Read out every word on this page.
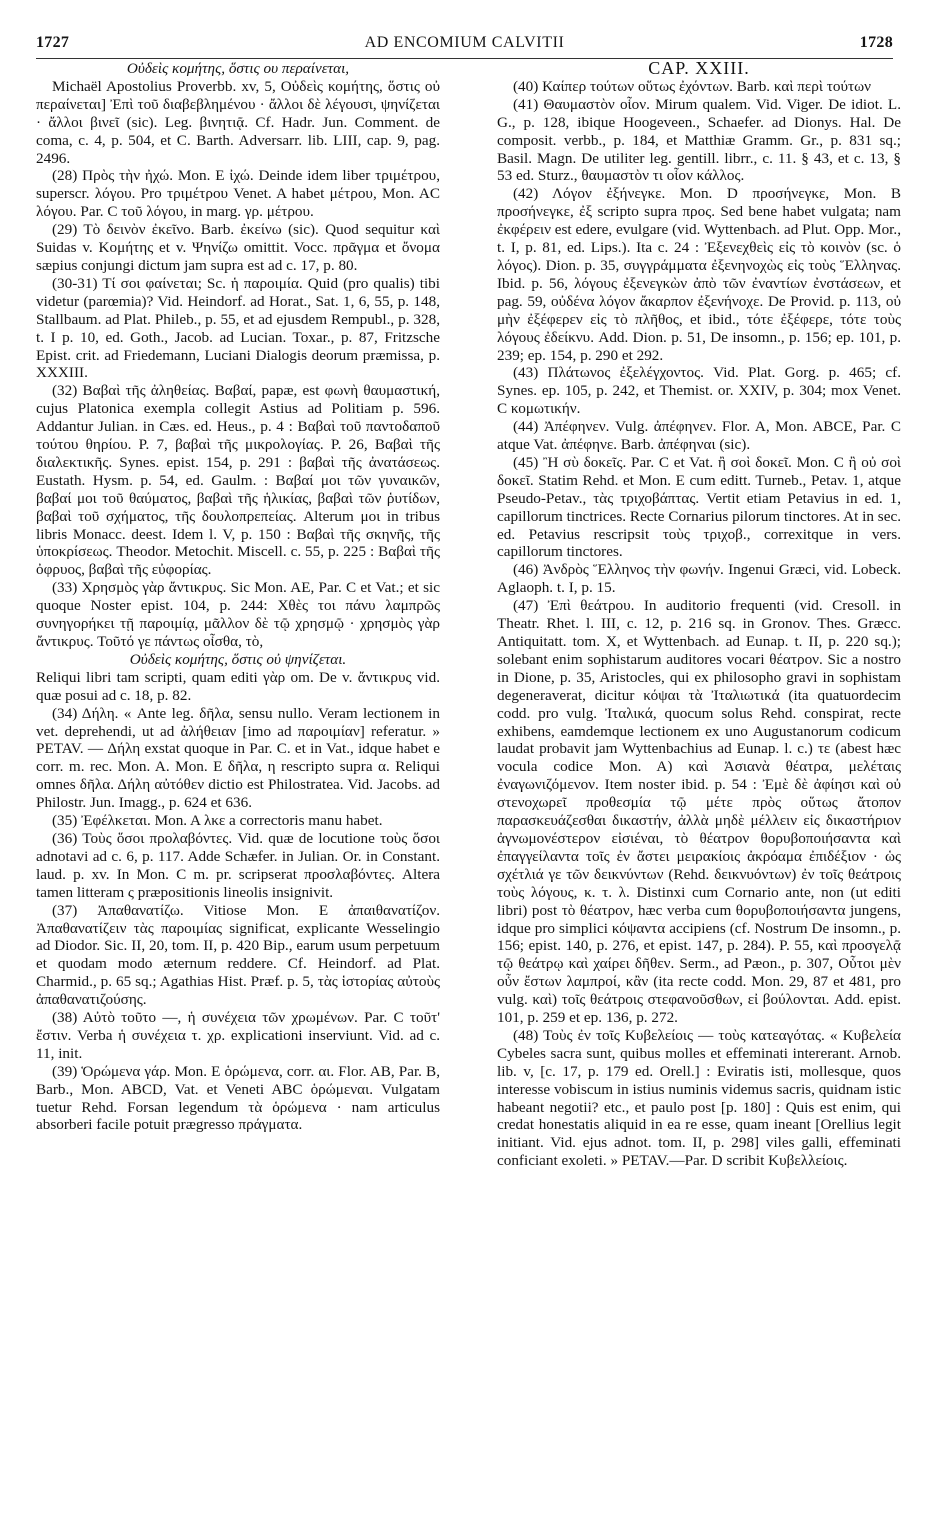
1727	AD ENCOMIUM CALVITII	1728

Οὐδεὶς κομήτης, ὅστις ου περαίνεται,

Michaël Apostolius Proverbb. xv, 5, Οὐδεὶς κομήτης, ὅστις οὐ περαίνεται] Ἐπὶ τοῦ διαβεβλημένου · ἄλλοι δὲ λέγουσι, ψηνίζεται · ἄλλοι βινεῖ (sic). Leg. βινητιᾷ. Cf. Hadr. Jun. Comment. de coma, c. 4, p. 504, et C. Barth. Adversarr. lib. LIII, cap. 9, pag. 2496.

(28) Πρὸς τὴν ἠχώ. Mon. E ἰχώ. Deinde idem liber τριμέτρου, superscr. λόγου. Pro τριμέτρου Venet. A habet μέτρου, Mon. AC λόγου. Par. C τοῦ λόγου, in marg. γρ. μέτρου.

(29) Τὸ δεινὸν ἐκεῖνο. Barb. ἐκείνω (sic). Quod sequitur καὶ Suidas v. Κομήτης et v. Ψηνίζω omittit. Vocc. πρᾶγμα et ὄνομα sæpius conjungi dictum jam supra est ad c. 17, p. 80.

(30-31) Τί σοι φαίνεται; Sc. ἡ παροιμία. Quid (pro qualis) tibi videtur (parœmia)? Vid. Heindorf. ad Horat., Sat. 1, 6, 55, p. 148, Stallbaum. ad Plat. Phileb., p. 55, et ad ejusdem Rempubl., p. 328, t. I p. 10, ed. Goth., Jacob. ad Lucian. Toxar., p. 87, Fritzsche Epist. crit. ad Friedemann, Luciani Dialogis deorum præmissa, p. XXXIII.

(32) Βαβαὶ τῆς ἀληθείας. Βαβαί, papæ, est φωνὴ θαυμαστική, cujus Platonica exempla collegit Astius ad Politiam p. 596. Addantur Julian. in Cæs. ed. Heus., p. 4 : Βαβαὶ τοῦ παντοδαποῦ τούτου θηρίου. P. 7, βαβαὶ τῆς μικρολογίας. P. 26, Βαβαὶ τῆς διαλεκτικῆς. Synes. epist. 154, p. 291 : βαβαὶ τῆς ἀνατάσεως. Eustath. Hysm. p. 54, ed. Gaulm. : Βαβαί μοι τῶν γυναικῶν, βαβαί μοι τοῦ θαύματος, βαβαὶ τῆς ἡλικίας, βαβαὶ τῶν ῥυτίδων, βαβαὶ τοῦ σχήματος, τῆς δουλοπρεπείας. Alterum μοι in tribus libris Monacc. deest. Idem l. V, p. 150 : Βαβαὶ τῆς σκηνῆς, τῆς ὑποκρίσεως. Theodor. Metochit. Miscell. c. 55, p. 225 : Βαβαὶ τῆς ὀφρυος, βαβαὶ τῆς εὐφορίας.

(33) Χρησμὸς γὰρ ἄντικρυς. Sic Mon. AE, Par. C et Vat.; et sic quoque Noster epist. 104, p. 244: Χθὲς τοι πάνυ λαμπρῶς συνηγορήκει τῇ παροιμίᾳ, μᾶλλον δὲ τῷ χρησμῷ · χρησμὸς γὰρ ἄντικρυς. Τοῦτό γε πάντως οἶσθα, τὸ,

Οὐδεὶς κομήτης, ὅστις οὐ ψηνίζεται.

Reliqui libri tam scripti, quam editi γὰρ om. De v. ἄντικρυς vid. quæ posui ad c. 18, p. 82.

(34) Δήλη. « Ante leg. δῆλα, sensu nullo. Veram lectionem in vet. deprehendi, ut ad ἀλήθειαν [imo ad παροιμίαν] referatur. » PETAV. — Δήλη exstat quoque in Par. C. et in Vat., idque habet e corr. m. rec. Mon. A. Mon. E δῆλα, η rescripto supra α. Reliqui omnes δῆλα. Δήλη αὐτόθεν dictio est Philostratea. Vid. Jacobs. ad Philostr. Jun. Imagg., p. 624 et 636.

(35) Ἐφέλκεται. Mon. A λκε a correctoris manu habet.

(36) Τοὺς ὅσοι προλαβόντες. Vid. quæ de locutione τοὺς ὅσοι adnotavi ad c. 6, p. 117. Adde Schæfer. in Julian. Or. in Constant. laud. p. xv. In Mon. C m. pr. scripserat προσλαβόντες. Altera tamen litteram ς præpositionis lineolis insignivit.

(37) Ἀπαθανατίζω. Vitiose Mon. E ἀπαιθανατίζον. Ἀπαθανατίζειν τὰς παροιμίας significat, explicante Wesselingio ad Diodor. Sic. II, 20, tom. II, p. 420 Bip., earum usum perpetuum et quodam modo æternum reddere. Cf. Heindorf. ad Plat. Charmid., p. 65 sq.; Agathias Hist. Præf. p. 5, τὰς ἱστορίας αὐτοὺς ἀπαθανατιζούσης.

(38) Αὐτὸ τοῦτο —, ἡ συνέχεια τῶν χρωμένων. Par. C τοῦτ' ἔστιν. Verba ἡ συνέχεια τ. χρ. explicationi inserviunt. Vid. ad c. 11, init.

(39) Ὁρώμενα γάρ. Mon. E ὁρώμενα, corr. αι. Flor. AB, Par. B, Barb., Mon. ABCD, Vat. et Veneti ABC ὁρώμεναι. Vulgatam tuetur Rehd. Forsan legendum τὰ ὁρώμενα · nam articulus absorberi facile potuit prægresso πράγματα.

CAP. XXIII.

(40) Καίπερ τούτων οὕτως ἐχόντων. Barb. καὶ περὶ τούτων

(41) Θαυμαστὸν οἷον. Mirum qualem. Vid. Viger. De idiot. L. G., p. 128, ibique Hoogeveen., Schaefer. ad Dionys. Hal. De composit. verbb., p. 184, et Matthiæ Gramm. Gr., p. 831 sq.; Basil. Magn. De utiliter leg. gentill. librr., c. 11. § 43, et c. 13, § 53 ed. Sturz., θαυμαστὸν τι οἷον κάλλος.

(42) Λόγον ἐξήνεγκε. Mon. D προσήνεγκε, Mon. B προσήνεγκε, ἐξ scripto supra προς. Sed bene habet vulgata; nam ἐκφέρειν est edere, evulgare (vid. Wyttenbach. ad Plut. Opp. Mor., t. I, p. 81, ed. Lips.). Ita c. 24 : Ἐξενεχθεὶς εἰς τὸ κοινὸν (sc. ὁ λόγος). Dion. p. 35, συγγράμματα ἐξενηνοχὼς εἰς τοὺς Ἕλληνας. Ibid. p. 56, λόγους ἐξενεγκὼν ἀπὸ τῶν ἐναντίων ἐνστάσεων, et pag. 59, οὐδένα λόγον ἄκαρπον ἐξενήνοχε. De Provid. p. 113, οὐ μὴν ἐξέφερεν εἰς τὸ πλῆθος, et ibid., τότε ἐξέφερε, τότε τοὺς λόγους ἐδείκνυ. Add. Dion. p. 51, De insomn., p. 156; ep. 101, p. 239; ep. 154, p. 290 et 292.

(43) Πλάτωνος ἐξελέγχοντος. Vid. Plat. Gorg. p. 465; cf. Synes. ep. 105, p. 242, et Themist. or. XXIV, p. 304; mox Venet. C κομωτικήν.

(44) Ἀπέφηνεν. Vulg. ἀπέφηνεν. Flor. A, Mon. ABCE, Par. C atque Vat. ἀπέφηνε. Barb. ἀπέφηναι (sic).

(45) Ἢ σὺ δοκεῖς. Par. C et Vat. ἢ σοὶ δοκεῖ. Mon. C ἢ οὐ σοὶ δοκεῖ. Statim Rehd. et Mon. E cum editt. Turneb., Petav. 1, atque Pseudo-Petav., τὰς τριχοβάπτας. Vertit etiam Petavius in ed. 1, capillorum tinctrices. Recte Cornarius pilorum tinctores. At in sec. ed. Petavius rescripsit τοὺς τριχοβ., correxitque in vers. capillorum tinctores.

(46) Ἀνδρὸς Ἕλληνος τὴν φωνήν. Ingenui Græci, vid. Lobeck. Aglaoph. t. I, p. 15.

(47) Ἐπὶ θεάτρου. In auditorio frequenti (vid. Cresoll. in Theatr. Rhet. l. III, c. 12, p. 216 sq. in Gronov. Thes. Græcc. Antiquitatt. tom. X, et Wyttenbach. ad Eunap. t. II, p. 220 sq.); solebant enim sophistarum auditores vocari θέατρον. Sic a nostro in Dione, p. 35, Aristocles, qui ex philosopho gravi in sophistam degeneraverat, dicitur κόψαι τὰ Ἰταλιωτικά (ita quatuordecim codd. pro vulg. Ἰταλικά, quocum solus Rehd. conspirat, recte exhibens, eamdemque lectionem ex uno Augustanorum codicum laudat probavit jam Wyttenbachius ad Eunap. l. c.) τε (abest hæc vocula codice Mon. A) καὶ Ἀσιανὰ θέατρα, μελέταις ἐναγωνιζόμενον. Item noster ibid. p. 54 : Ἐμὲ δὲ ἀφίησι καὶ οὐ στενοχωρεῖ προθεσμία τῷ μέτε πρὸς οὕτως ἄτοπον παρασκευάζεσθαι δικαστήν, ἀλλὰ μηδὲ μέλλειν εἰς δικαστήριον ἀγνωμονέστερον εἰσιέναι, τὸ θέατρον θορυβοποιήσαντα καὶ ἐπαγγείλαντα τοῖς ἐν ἄστει μειρακίοις ἀκρόαμα ἐπιδέξιον · ὡς σχέτλιά γε τῶν δεικνύντων (Rehd. δεικνυόντων) ἐν τοῖς θεάτροις τοὺς λόγους, κ. τ. λ. Distinxi cum Cornario ante, non (ut editi libri) post τὸ θέατρον, hæc verba cum θορυβοποιήσαντα jungens, idque pro simplici κόψαντα accipiens (cf. Nostrum De insomn., p. 156; epist. 140, p. 276, et epist. 147, p. 284). P. 55, καὶ προσγελᾷ τῷ θεάτρῳ καὶ χαίρει δῆθεν. Serm., ad Pæon., p. 307, Οὗτοι μὲν οὖν ἔστων λαμπροί, κἂν (ita recte codd. Mon. 29, 87 et 481, pro vulg. καὶ) τοῖς θεάτροις στεφανοῦσθων, εἰ βούλονται. Add. epist. 101, p. 259 et ep. 136, p. 272.

(48) Τοὺς ἐν τοῖς Κυβελείοις — τοὺς κατεαγότας. « Κυβελεία Cybeles sacra sunt, quibus molles et effeminati intererant. Arnob. lib. v, [c. 17, p. 179 ed. Orell.] : Eviratis isti, mollesque, quos interesse vobiscum in istius numinis videmus sacris, quidnam istic habeant negotii? etc., et paulo post [p. 180] : Quis est enim, qui credat honestatis aliquid in ea re esse, quam ineant [Orellius legit initiant. Vid. ejus adnot. tom. II, p. 298] viles galli, effeminati conficiant exoleti. » PETAV.—Par. D scribit Κυβελλείοις.
